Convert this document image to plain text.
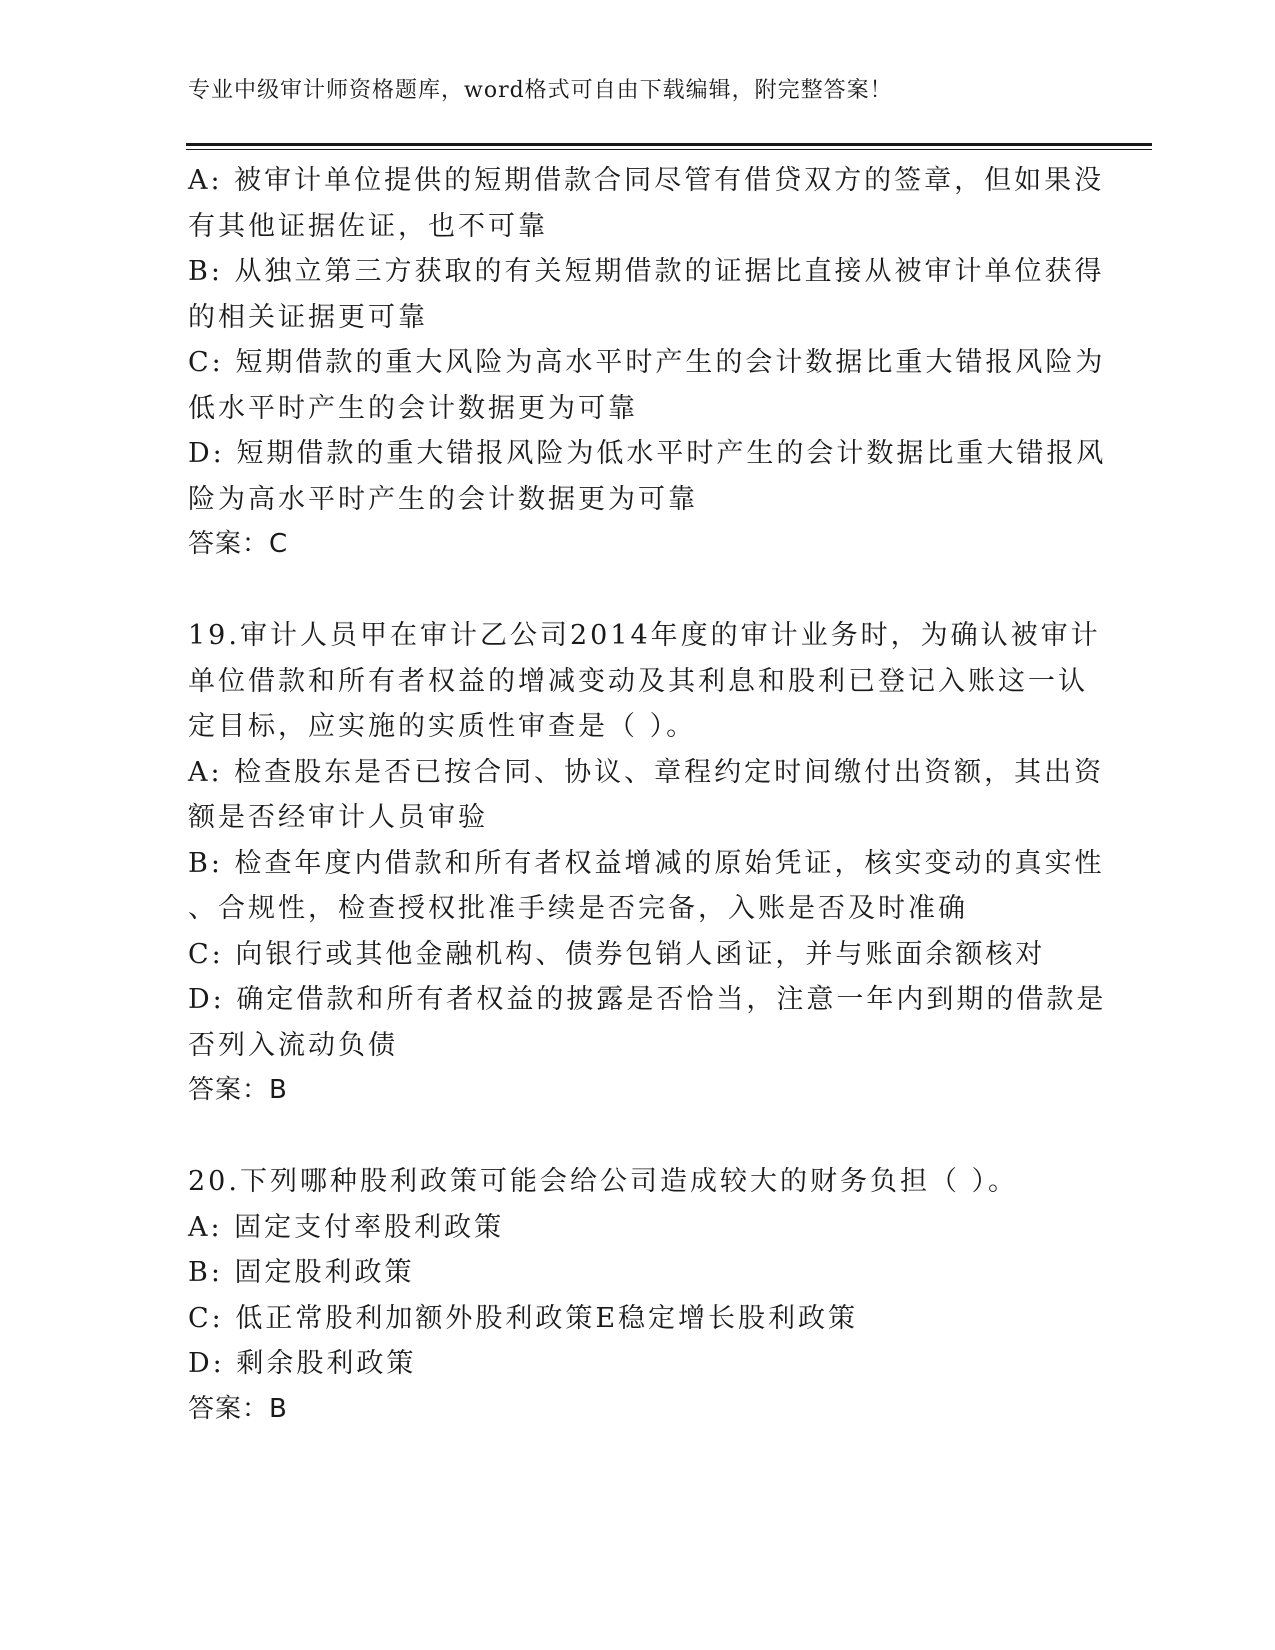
专业中级审计师资格题库，word格式可自由下载编辑，附完整答案！
A: 被审计单位提供的短期借款合同尽管有借贷双方的签章，但如果没
有其他证据佐证，也不可靠
B: 从独立第三方获取的有关短期借款的证据比直接从被审计单位获得
的相关证据更可靠
C: 短期借款的重大风险为高水平时产生的会计数据比重大错报风险为
低水平时产生的会计数据更为可靠
D: 短期借款的重大错报风险为低水平时产生的会计数据比重大错报风
险为高水平时产生的会计数据更为可靠
答案：C
19.审计人员甲在审计乙公司2014年度的审计业务时，为确认被审计
单位借款和所有者权益的增减变动及其利息和股利已登记入账这一认
定目标，应实施的实质性审查是（ ）。
A: 检查股东是否已按合同、协议、章程约定时间缴付出资额，其出资
额是否经审计人员审验
B: 检查年度内借款和所有者权益增减的原始凭证，核实变动的真实性
、合规性，检查授权批准手续是否完备，入账是否及时准确
C: 向银行或其他金融机构、债券包销人函证，并与账面余额核对
D: 确定借款和所有者权益的披露是否恰当，注意一年内到期的借款是
否列入流动负债
答案：B
20.下列哪种股利政策可能会给公司造成较大的财务负担（ ）。
A: 固定支付率股利政策
B: 固定股利政策
C: 低正常股利加额外股利政策E稳定增长股利政策
D: 剩余股利政策
答案：B
